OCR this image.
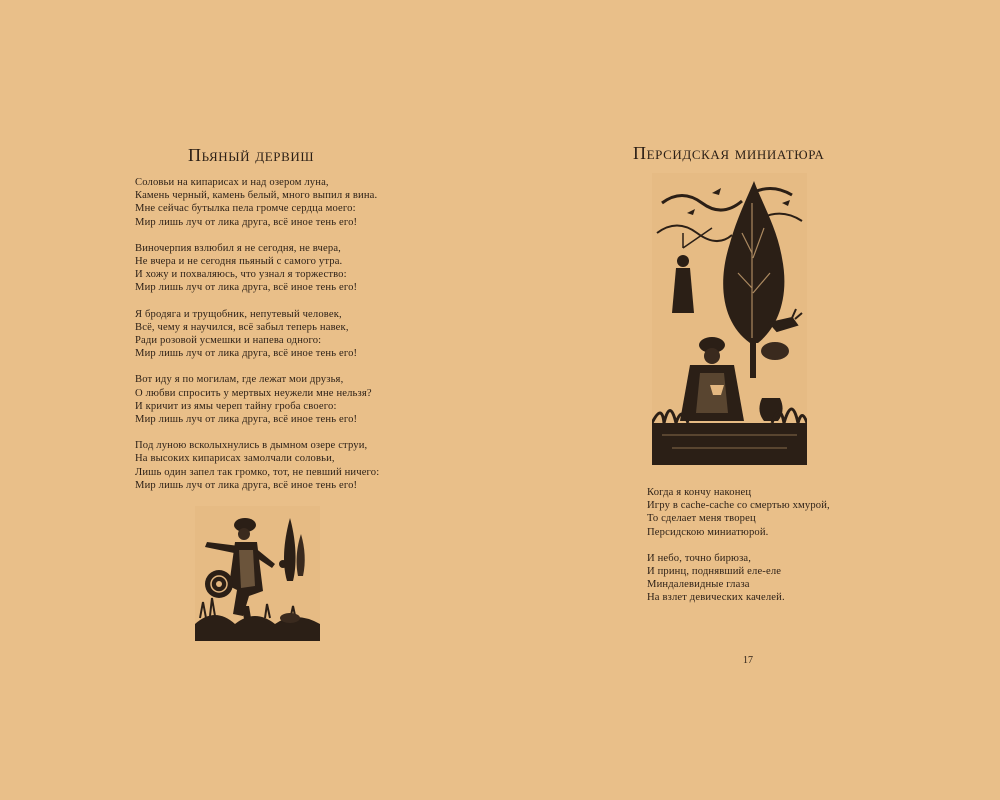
Пьяный дервиш
Соловьи на кипарисах и над озером луна,
Камень черный, камень белый, много выпил я вина.
Мне сейчас бутылка пела громче сердца моего:
Мир лишь луч от лика друга, всё иное тень его!
Виночерпия взлюбил я не сегодня, не вчера,
Не вчера и не сегодня пьяный с самого утра.
И хожу и похваляюсь, что узнал я торжество:
Мир лишь луч от лика друга, всё иное тень его!
Я бродяга и трущобник, непутевый человек,
Всё, чему я научился, всё забыл теперь навек,
Ради розовой усмешки и напева одного:
Мир лишь луч от лика друга, всё иное тень его!
Вот иду я по могилам, где лежат мои друзья,
О любви спросить у мертвых неужели мне нельзя?
И кричит из ямы череп тайну гроба своего:
Мир лишь луч от лика друга, всё иное тень его!
Под луною всколыхнулись в дымном озере струи,
На высоких кипарисах замолчали соловьи,
Лишь один запел так громко, тот, не певший ничего:
Мир лишь луч от лика друга, всё иное тень его!
Персидская миниатюра
Когда я кончу наконец
Игру в cache-cache со смертью хмурой,
То сделает меня творец
Персидскою миниатюрой.
И небо, точно бирюза,
И принц, поднявший еле-еле
Миндалевидные глаза
На взлет девических качелей.
17
